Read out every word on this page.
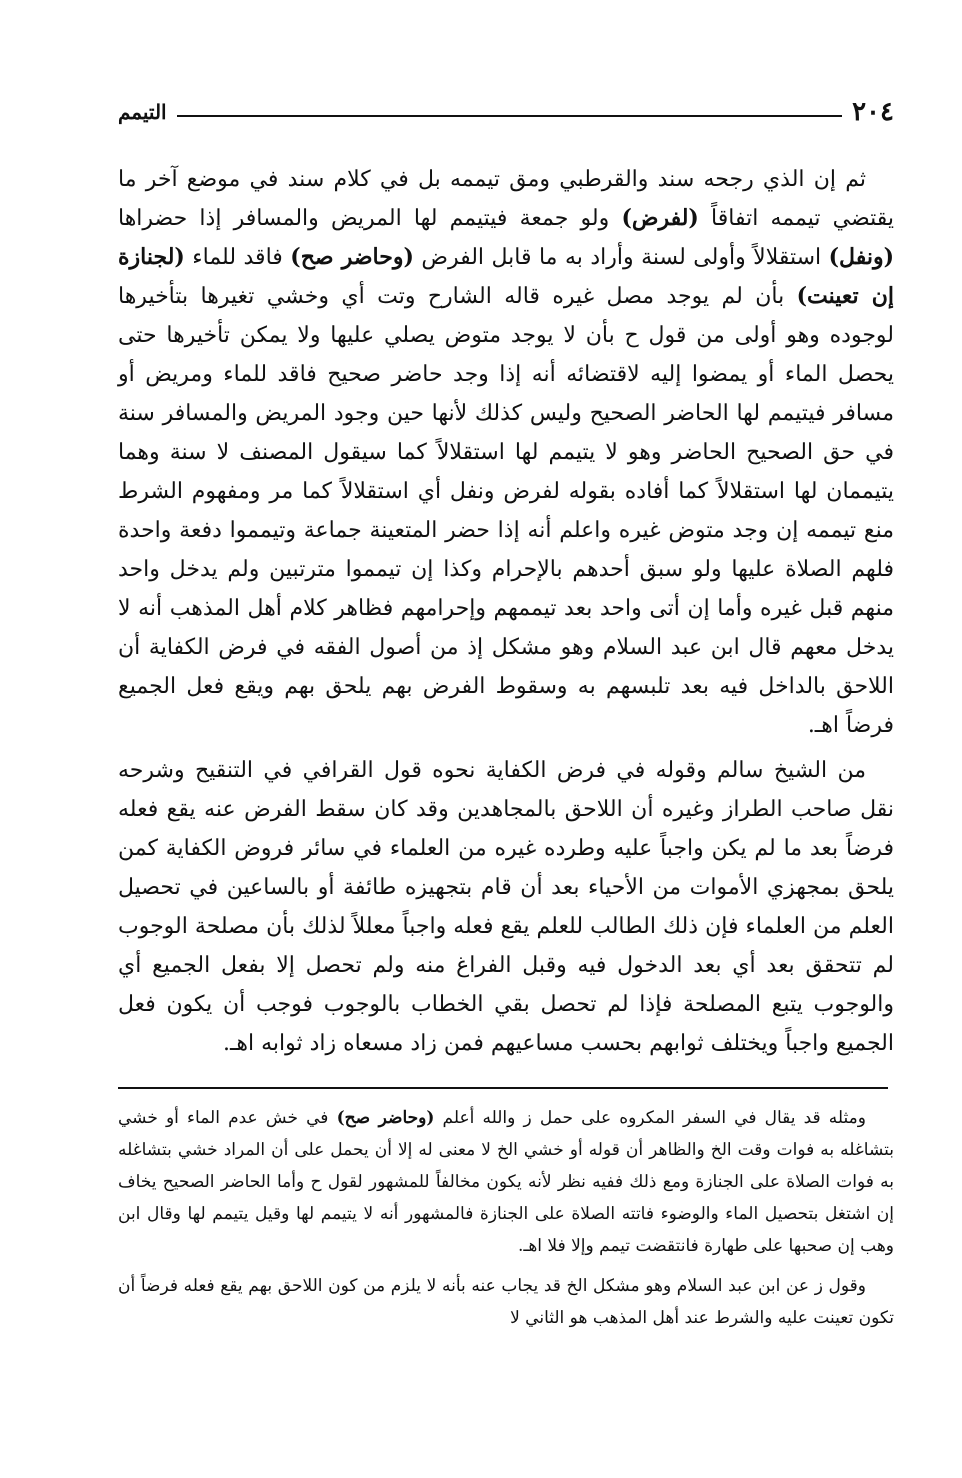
٢٠٤
التيمم

ثم إن الذي رجحه سند والقرطبي ومق تيممه بل في كلام سند في موضع آخر ما يقتضي تيممه اتفاقاً (لفرض) ولو جمعة فيتيمم لها المريض والمسافر إذا حضراها (ونفل) استقلالاً وأولى لسنة وأراد به ما قابل الفرض (وحاضر صح) فاقد للماء (لجنازة إن تعينت) بأن لم يوجد مصل غيره قاله الشارح وتت أي وخشي تغيرها بتأخيرها لوجوده وهو أولى من قول ح بأن لا يوجد متوض يصلي عليها ولا يمكن تأخيرها حتى يحصل الماء أو يمضوا إليه لاقتضائه أنه إذا وجد حاضر صحيح فاقد للماء ومريض أو مسافر فيتيمم لها الحاضر الصحيح وليس كذلك لأنها حين وجود المريض والمسافر سنة في حق الصحيح الحاضر وهو لا يتيمم لها استقلالاً كما سيقول المصنف لا سنة وهما يتيممان لها استقلالاً كما أفاده بقوله لفرض ونفل أي استقلالاً كما مر ومفهوم الشرط منع تيممه إن وجد متوض غيره واعلم أنه إذا حضر المتعينة جماعة وتيمموا دفعة واحدة فلهم الصلاة عليها ولو سبق أحدهم بالإحرام وكذا إن تيمموا مترتبين ولم يدخل واحد منهم قبل غيره وأما إن أتى واحد بعد تيممهم وإحرامهم فظاهر كلام أهل المذهب أنه لا يدخل معهم قال ابن عبد السلام وهو مشكل إذ من أصول الفقه في فرض الكفاية أن اللاحق بالداخل فيه بعد تلبسهم به وسقوط الفرض بهم يلحق بهم ويقع فعل الجميع فرضاً اهـ.

من الشيخ سالم وقوله في فرض الكفاية نحوه قول القرافي في التنقيح وشرحه نقل صاحب الطراز وغيره أن اللاحق بالمجاهدين وقد كان سقط الفرض عنه يقع فعله فرضاً بعد ما لم يكن واجباً عليه وطرده غيره من العلماء في سائر فروض الكفاية كمن يلحق بمجهزي الأموات من الأحياء بعد أن قام بتجهيزه طائفة أو بالساعين في تحصيل العلم من العلماء فإن ذلك الطالب للعلم يقع فعله واجباً معللاً لذلك بأن مصلحة الوجوب لم تتحقق بعد أي بعد الدخول فيه وقبل الفراغ منه ولم تحصل إلا بفعل الجميع أي والوجوب يتبع المصلحة فإذا لم تحصل بقي الخطاب بالوجوب فوجب أن يكون فعل الجميع واجباً ويختلف ثوابهم بحسب مساعيهم فمن زاد مسعاه زاد ثوابه اهـ.

ومثله قد يقال في السفر المكروه على حمل ز والله أعلم (وحاضر صح) في خش عدم الماء أو خشي بتشاغله به فوات وقت الخ والظاهر أن قوله أو خشي الخ لا معنى له إلا أن يحمل على أن المراد خشي بتشاغله به فوات الصلاة على الجنازة ومع ذلك ففيه نظر لأنه يكون مخالفاً للمشهور لقول ح وأما الحاضر الصحيح يخاف إن اشتغل بتحصيل الماء والوضوء فاتته الصلاة على الجنازة فالمشهور أنه لا يتيمم لها وقيل يتيمم لها وقال ابن وهب إن صحبها على طهارة فانتقضت تيمم وإلا فلا اهـ.

وقول ز عن ابن عبد السلام وهو مشكل الخ قد يجاب عنه بأنه لا يلزم من كون اللاحق بهم يقع فعله فرضاً أن تكون تعينت عليه والشرط عند أهل المذهب هو الثاني لا
